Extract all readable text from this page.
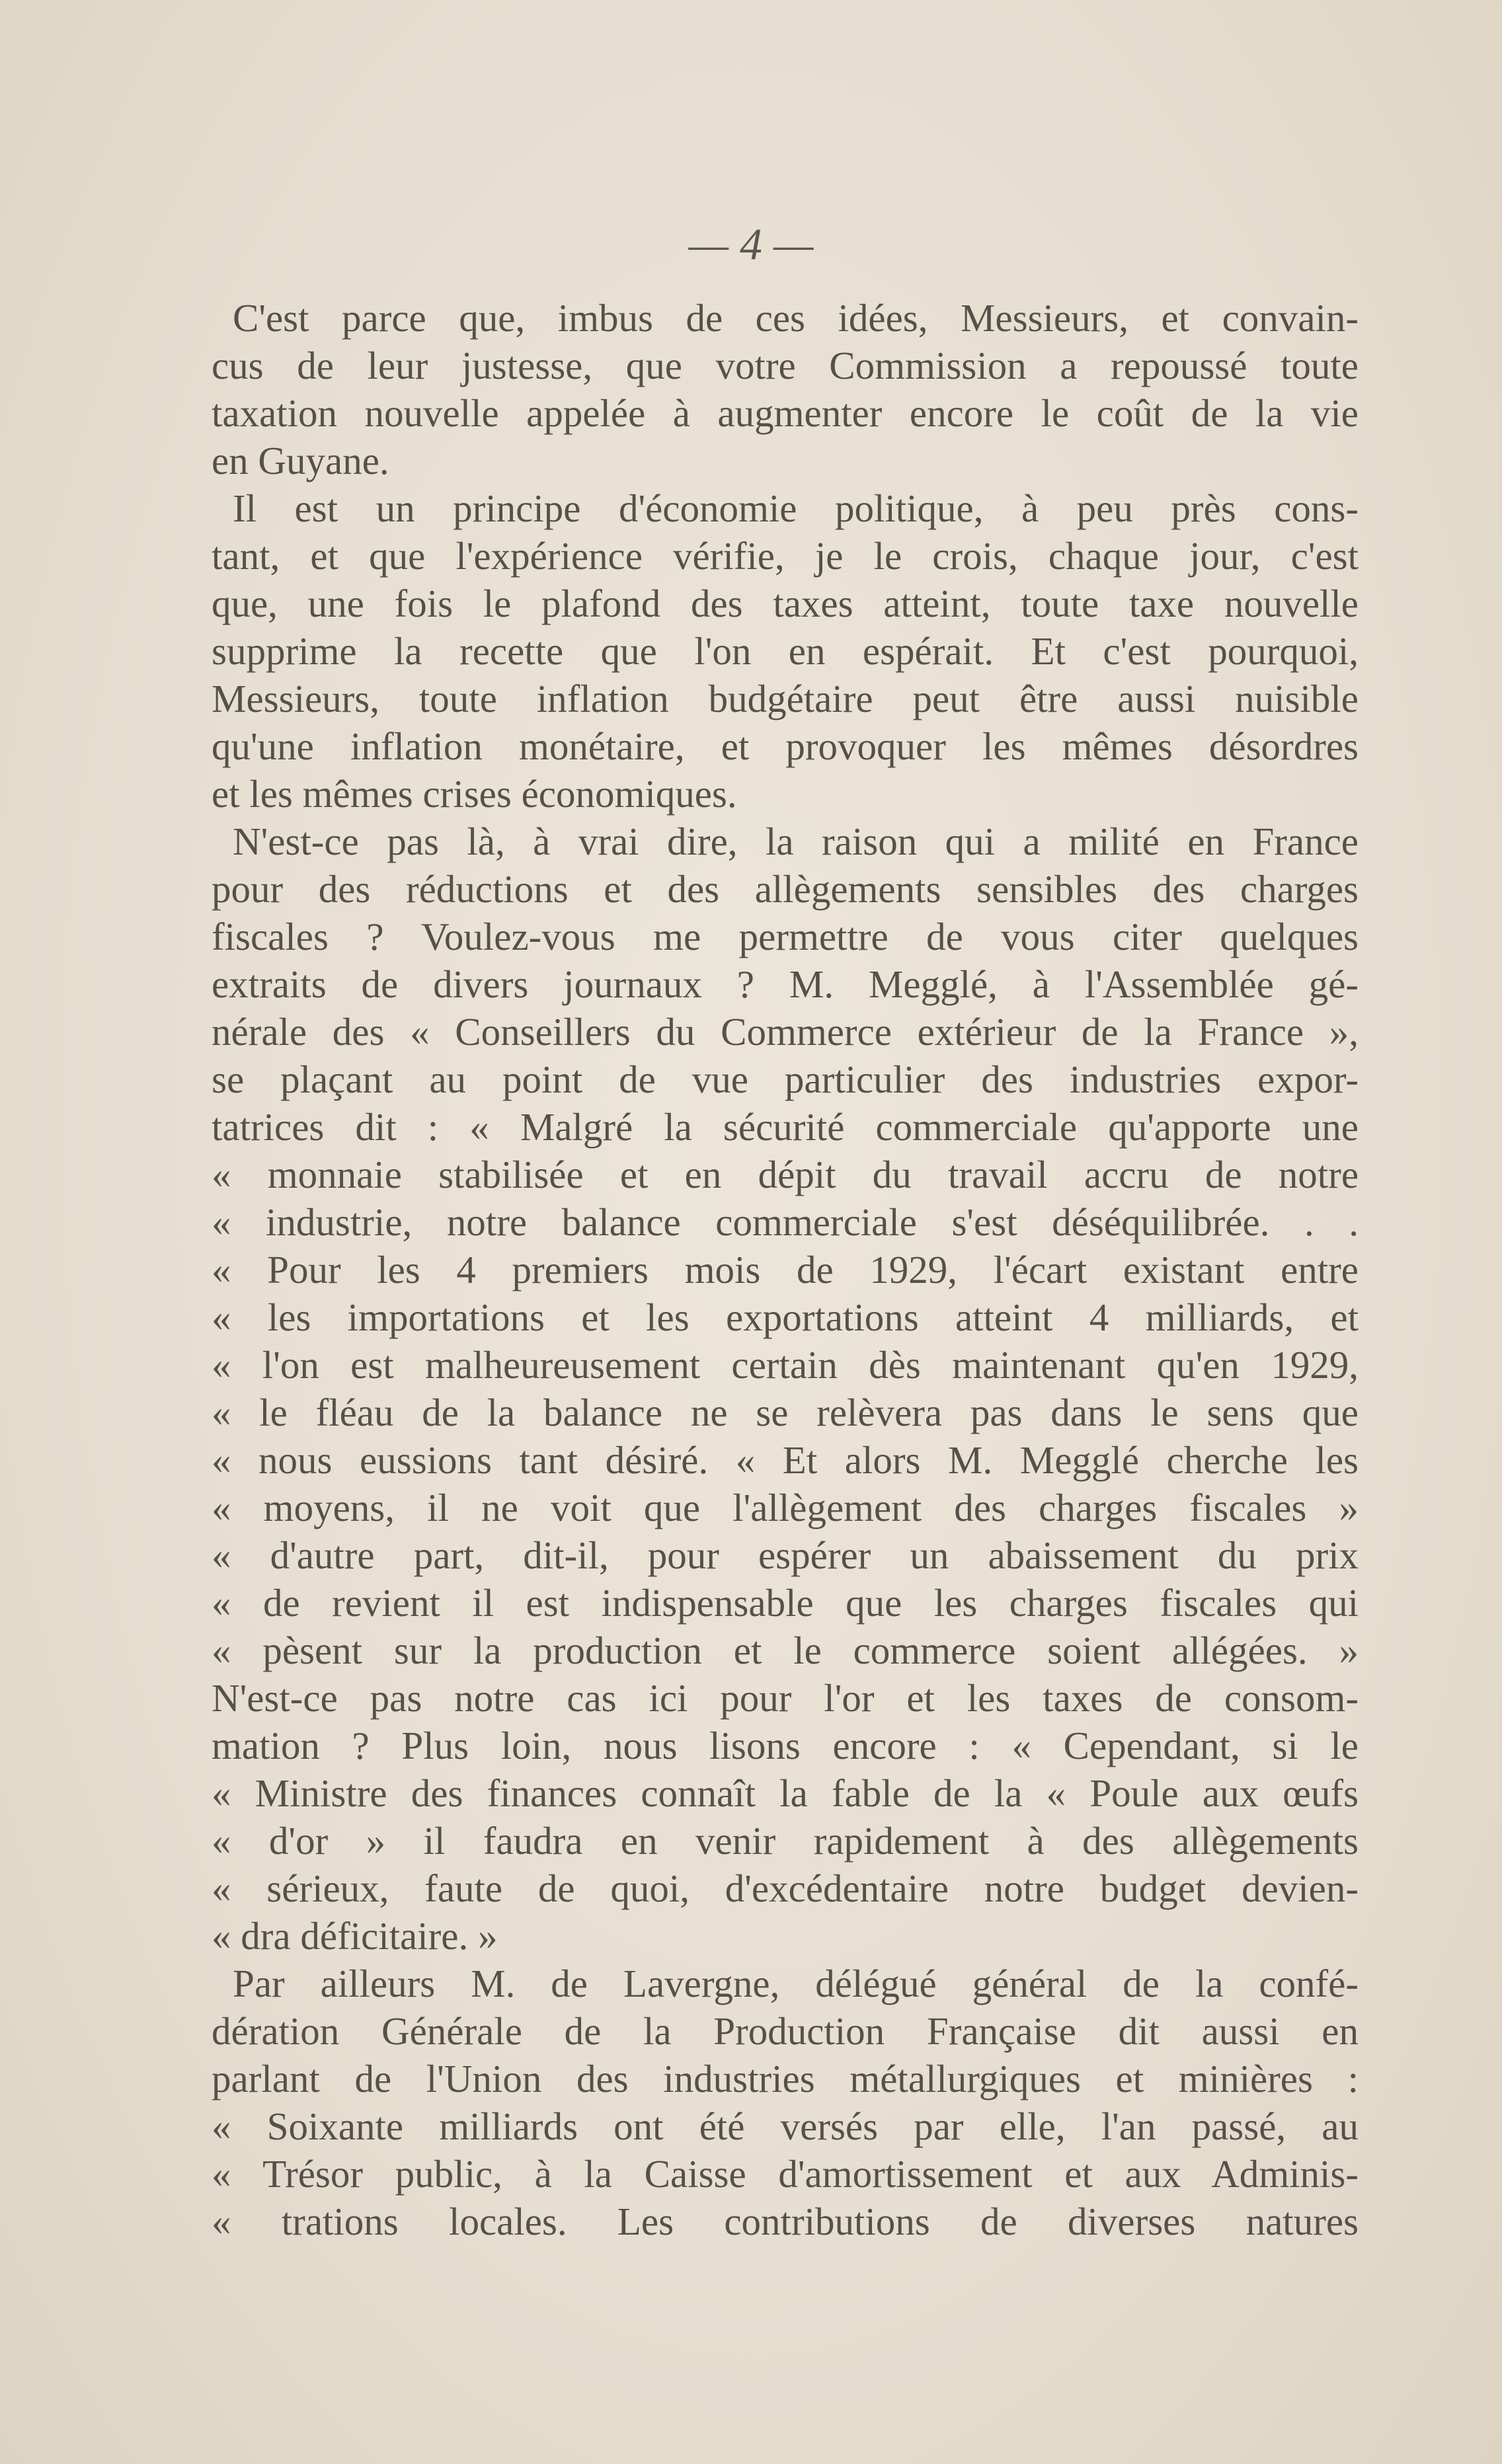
— 4 —
C'est parce que, imbus de ces idées, Messieurs, et convain-
cus de leur justesse, que votre Commission a repoussé toute
taxation nouvelle appelée à augmenter encore le coût de la vie
en Guyane.
Il est un principe d'économie politique, à peu près cons-
tant, et que l'expérience vérifie, je le crois, chaque jour, c'est
que, une fois le plafond des taxes atteint, toute taxe nouvelle
supprime la recette que l'on en espérait. Et c'est pourquoi,
Messieurs, toute inflation budgétaire peut être aussi nuisible
qu'une inflation monétaire, et provoquer les mêmes désordres
et les mêmes crises économiques.
N'est-ce pas là, à vrai dire, la raison qui a milité en France
pour des réductions et des allègements sensibles des charges
fiscales ? Voulez-vous me permettre de vous citer quelques
extraits de divers journaux ? M. Megglé, à l'Assemblée gé-
nérale des « Conseillers du Commerce extérieur de la France »,
se plaçant au point de vue particulier des industries expor-
tatrices dit : « Malgré la sécurité commerciale qu'apporte une
« monnaie stabilisée et en dépit du travail accru de notre
« industrie, notre balance commerciale s'est déséquilibrée. . .
« Pour les 4 premiers mois de 1929, l'écart existant entre
« les importations et les exportations atteint 4 milliards, et
« l'on est malheureusement certain dès maintenant qu'en 1929,
« le fléau de la balance ne se relèvera pas dans le sens que
« nous eussions tant désiré. « Et alors M. Megglé cherche les
« moyens, il ne voit que l'allègement des charges fiscales »
« d'autre part, dit-il, pour espérer un abaissement du prix
« de revient il est indispensable que les charges fiscales qui
« pèsent sur la production et le commerce soient allégées. »
N'est-ce pas notre cas ici pour l'or et les taxes de consom-
mation ? Plus loin, nous lisons encore : « Cependant, si le
« Ministre des finances connaît la fable de la « Poule aux œufs
« d'or » il faudra en venir rapidement à des allègements
« sérieux, faute de quoi, d'excédentaire notre budget devien-
« dra déficitaire. »
Par ailleurs M. de Lavergne, délégué général de la confé-
dération Générale de la Production Française dit aussi en
parlant de l'Union des industries métallurgiques et minières :
« Soixante milliards ont été versés par elle, l'an passé, au
« Trésor public, à la Caisse d'amortissement et aux Adminis-
« trations locales. Les contributions de diverses natures
